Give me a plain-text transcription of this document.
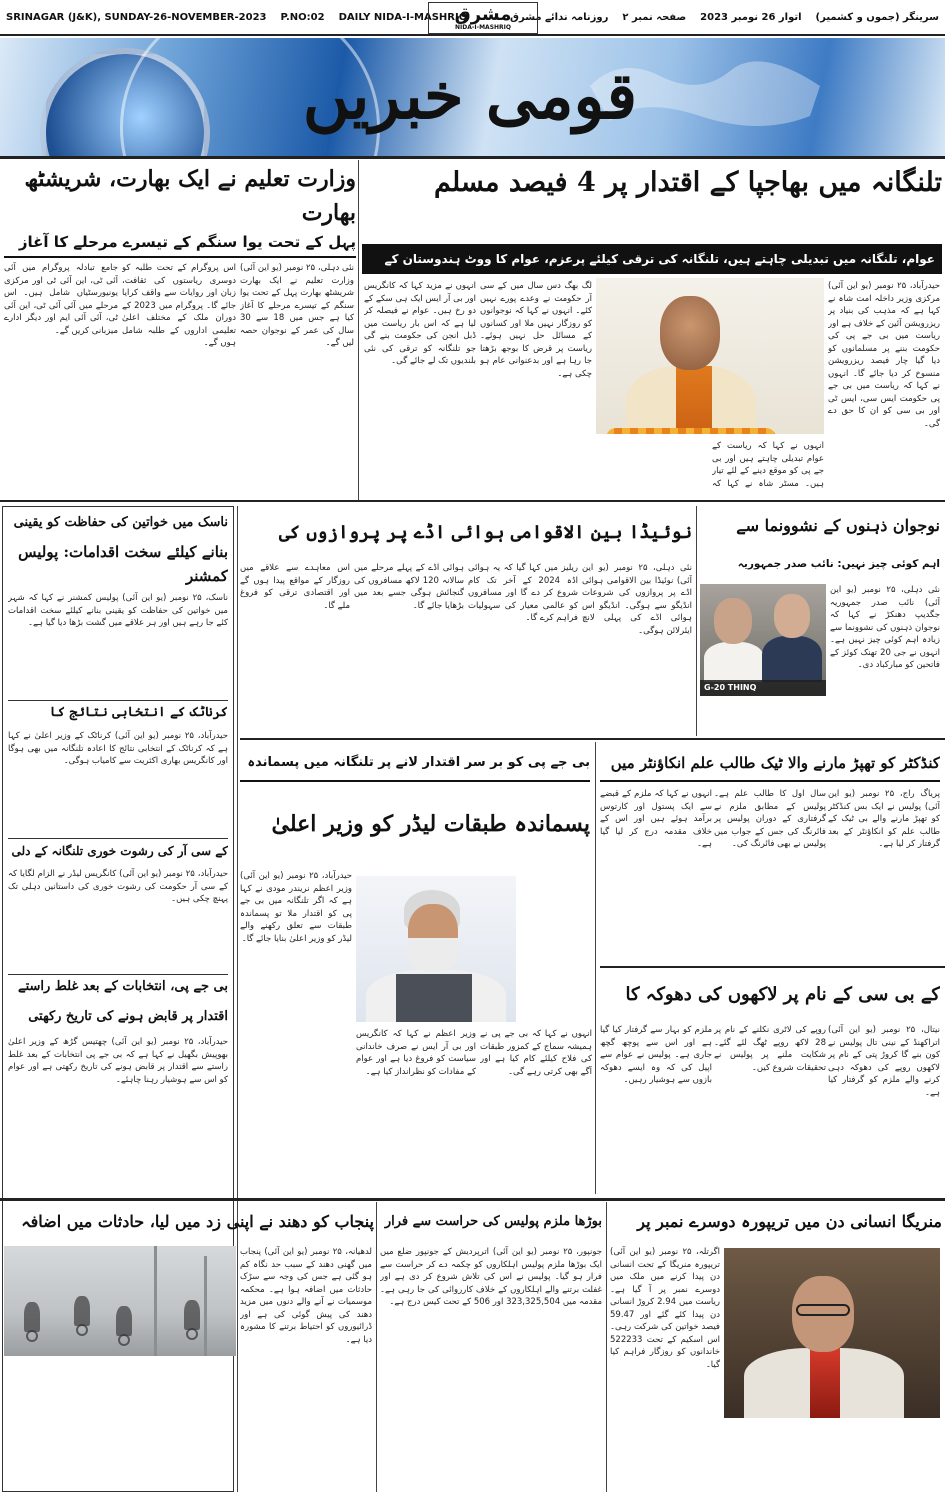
SRINAGAR (J&K), SUNDAY-26-NOVEMBER-2023 P.NO:02 DAILY NIDA-I-MASHRIQ
مشرق
NIDA-I-MASHRIQ
سرینگر (جموں و کشمیر)
اتوار 26 نومبر 2023
صفحہ نمبر ۲
روزنامہ ندائے مشرق
قومی خبریں
تلنگانہ میں بھاجپا کے اقتدار پر 4 فیصد مسلم
عوام، تلنگانہ میں تبدیلی چاہتے ہیں، تلنگانہ کی ترقی کیلئے پرعزم، عوام کا ووٹ ہندوستان کے
حیدرآباد، ۲۵ نومبر (یو این آئی) مرکزی وزیر داخلہ امت شاہ نے کہا ہے کہ مذہب کی بنیاد پر ریزرویشن آئین کے خلاف ہے اور ریاست میں بی جے پی کی حکومت بننے پر مسلمانوں کو دیا گیا چار فیصد ریزرویشن منسوخ کر دیا جائے گا۔ انہوں نے کہا کہ ریاست میں بی جے پی حکومت ایس سی، ایس ٹی اور بی سی کو ان کا حق دے گی۔
انہوں نے کہا کہ ریاست کے عوام تبدیلی چاہتے ہیں اور بی جے پی کو موقع دینے کے لئے تیار ہیں۔ مسٹر شاہ نے کہا کہ
لگ بھگ دس سال میں کے سی آر حکومت نے وعدے پورے نہیں کئے۔ انہوں نے کہا کہ نوجوانوں کو روزگار نہیں ملا اور کسانوں کے مسائل حل نہیں ہوئے۔ ریاست پر قرض کا بوجھ بڑھتا جا رہا ہے اور بدعنوانی عام ہو چکی ہے۔
انہوں نے مزید کہا کہ کانگریس اور بی آر ایس ایک ہی سکے کے دو رخ ہیں۔ عوام نے فیصلہ کر لیا ہے کہ اس بار ریاست میں ڈبل انجن کی حکومت بنے گی جو تلنگانہ کو ترقی کی نئی بلندیوں تک لے جائے گی۔
وزارت تعلیم نے ایک بھارت، شریشٹھ بھارت
پہل کے تحت یوا سنگم کے تیسرے مرحلے کا آغاز
نئی دہلی، ۲۵ نومبر (یو این آئی) وزارت تعلیم نے ایک بھارت شریشٹھ بھارت پہل کے تحت یوا سنگم کے تیسرے مرحلے کا آغاز کیا ہے جس میں 18 سے 30 سال کی عمر کے نوجوان حصہ لیں گے۔
اس پروگرام کے تحت طلبہ کو دوسری ریاستوں کی ثقافت، زبان اور روایات سے واقف کرایا جائے گا۔ پروگرام میں 2023 کے دوران ملک کے مختلف اعلیٰ تعلیمی اداروں کے طلبہ شامل ہوں گے۔
جامع تبادلہ پروگرام میں آئی آئی ٹی، این آئی ٹی اور مرکزی یونیورسٹیاں شامل ہیں۔ اس مرحلے میں آئی آئی ٹی، این آئی ٹی، آئی آئی ایم اور دیگر ادارے میزبانی کریں گے۔
ناسک میں خواتین کی حفاظت کو یقینی
بنانے کیلئے سخت اقدامات: پولیس کمشنر
ناسک، ۲۵ نومبر (یو این آئی) پولیس کمشنر نے کہا کہ شہر میں خواتین کی حفاظت کو یقینی بنانے کیلئے سخت اقدامات کئے جا رہے ہیں اور ہر علاقے میں گشت بڑھا دیا گیا ہے۔
کرناٹک کے انتخابی نتائج کا
حیدرآباد، ۲۵ نومبر (یو این آئی) کرناٹک کے وزیر اعلیٰ نے کہا ہے کہ کرناٹک کے انتخابی نتائج کا اعادہ تلنگانہ میں بھی ہوگا اور کانگریس بھاری اکثریت سے کامیاب ہوگی۔
کے سی آر کی رشوت خوری تلنگانہ کے دلی
حیدرآباد، ۲۵ نومبر (یو این آئی) کانگریس لیڈر نے الزام لگایا کہ کے سی آر حکومت کی رشوت خوری کی داستانیں دہلی تک پہنچ چکی ہیں۔
بی جے پی، انتخابات کے بعد غلط راستے
اقتدار پر قابض ہونے کی تاریخ رکھتی
حیدرآباد، ۲۵ نومبر (یو این آئی) چھتیس گڑھ کے وزیر اعلیٰ بھوپیش بگھیل نے کہا ہے کہ بی جے پی انتخابات کے بعد غلط راستے سے اقتدار پر قابض ہونے کی تاریخ رکھتی ہے اور عوام کو اس سے ہوشیار رہنا چاہئے۔
نوجوان ذہنوں کے نشوونما سے
اہم کوئی چیز نہیں: نائب صدر جمہوریہ
G-20 THINQ
نئی دہلی، ۲۵ نومبر (یو این آئی) نائب صدر جمہوریہ جگدیپ دھنکڑ نے کہا کہ نوجوان ذہنوں کی نشوونما سے زیادہ اہم کوئی چیز نہیں ہے۔ انہوں نے جی 20 تھنک کوئز کے فاتحین کو مبارکباد دی۔
نوئیڈا بین الاقوامی ہوائی اڈے پر پروازوں کی
نئی دہلی، ۲۵ نومبر (یو این آئی) نوئیڈا بین الاقوامی ہوائی اڈے پر پروازوں کی شروعات انڈیگو سے ہوگی۔ انڈیگو اس ہوائی اڈے کی پہلی لانچ ایئرلائن ہوگی۔
ریلیز میں کہا گیا کہ یہ ہوائی اڈہ 2024 کے آخر تک کام شروع کر دے گا اور مسافروں کو عالمی معیار کی سہولیات فراہم کرے گا۔
ہوائی اڈے کے پہلے مرحلے میں سالانہ 120 لاکھ مسافروں کی گنجائش ہوگی جسے بعد میں بڑھایا جائے گا۔
اس معاہدے سے علاقے میں روزگار کے مواقع پیدا ہوں گے اور اقتصادی ترقی کو فروغ ملے گا۔
بی جے پی کو بر سر اقتدار لانے پر تلنگانہ میں پسماندہ
پسماندہ طبقات لیڈر کو وزیر اعلیٰ
حیدرآباد، ۲۵ نومبر (یو این آئی) وزیر اعظم نریندر مودی نے کہا ہے کہ اگر تلنگانہ میں بی جے پی کو اقتدار ملا تو پسماندہ طبقات سے تعلق رکھنے والے لیڈر کو وزیر اعلیٰ بنایا جائے گا۔
انہوں نے کہا کہ بی جے پی نے ہمیشہ سماج کے کمزور طبقات کی فلاح کیلئے کام کیا ہے اور آگے بھی کرتی رہے گی۔
وزیر اعظم نے کہا کہ کانگریس اور بی آر ایس نے صرف خاندانی سیاست کو فروغ دیا ہے اور عوام کے مفادات کو نظرانداز کیا ہے۔
کنڈکٹر کو تھپڑ مارنے والا ٹیک طالب علم انکاؤنٹر میں
پریاگ راج، ۲۵ نومبر (یو این آئی) پولیس نے ایک بس کنڈکٹر کو تھپڑ مارنے والے بی ٹیک کے طالب علم کو انکاؤنٹر کے بعد گرفتار کر لیا ہے۔
سال اول کا طالب علم ہے۔ پولیس کے مطابق ملزم نے گرفتاری کے دوران پولیس پر فائرنگ کی جس کے جواب میں پولیس نے بھی فائرنگ کی۔
انہوں نے کہا کہ ملزم کے قبضے سے ایک پستول اور کارتوس برآمد ہوئے ہیں اور اس کے خلاف مقدمہ درج کر لیا گیا ہے۔
کے بی سی کے نام پر لاکھوں کی دھوکہ کا
نیتال، ۲۵ نومبر (یو این آئی) اتراکھنڈ کے نینی تال پولیس نے کون بنے گا کروڑ پتی کے نام پر لاکھوں روپے کی دھوکہ دہی کرنے والے ملزم کو گرفتار کیا ہے۔
روپے کی لاٹری نکلنے کے نام پر 28 لاکھ روپے ٹھگ لئے گئے۔ شکایت ملنے پر پولیس نے تحقیقات شروع کیں۔
ملزم کو بہار سے گرفتار کیا گیا ہے اور اس سے پوچھ گچھ جاری ہے۔ پولیس نے عوام سے اپیل کی کہ وہ ایسے دھوکہ بازوں سے ہوشیار رہیں۔
پنجاب کو دھند نے اپنی زد میں لیا، حادثات میں اضافہ
لدھیانہ، ۲۵ نومبر (یو این آئی) پنجاب میں گھنی دھند کے سبب حد نگاہ کم ہو گئی ہے جس کی وجہ سے سڑک حادثات میں اضافہ ہوا ہے۔ محکمہ موسمیات نے آنے والے دنوں میں مزید دھند کی پیش گوئی کی ہے اور ڈرائیوروں کو احتیاط برتنے کا مشورہ دیا ہے۔
بوڑھا ملزم پولیس کی حراست سے فرار
جونپور، ۲۵ نومبر (یو این آئی) اترپردیش کے جونپور ضلع میں ایک بوڑھا ملزم پولیس اہلکاروں کو چکمہ دے کر حراست سے فرار ہو گیا۔ پولیس نے اس کی تلاش شروع کر دی ہے اور غفلت برتنے والے اہلکاروں کے خلاف کارروائی کی جا رہی ہے۔ مقدمہ میں 323,325,504 اور 506 کے تحت کیس درج ہے۔
منریگا انسانی دن میں تریپورہ دوسرے نمبر پر
اگرتلہ، ۲۵ نومبر (یو این آئی) تریپورہ منریگا کے تحت انسانی دن پیدا کرنے میں ملک میں دوسرے نمبر پر آ گیا ہے۔ ریاست میں 2.94 کروڑ انسانی دن پیدا کئے گئے اور 59.47 فیصد خواتین کی شرکت رہی۔ اس اسکیم کے تحت 522233 خاندانوں کو روزگار فراہم کیا گیا۔
